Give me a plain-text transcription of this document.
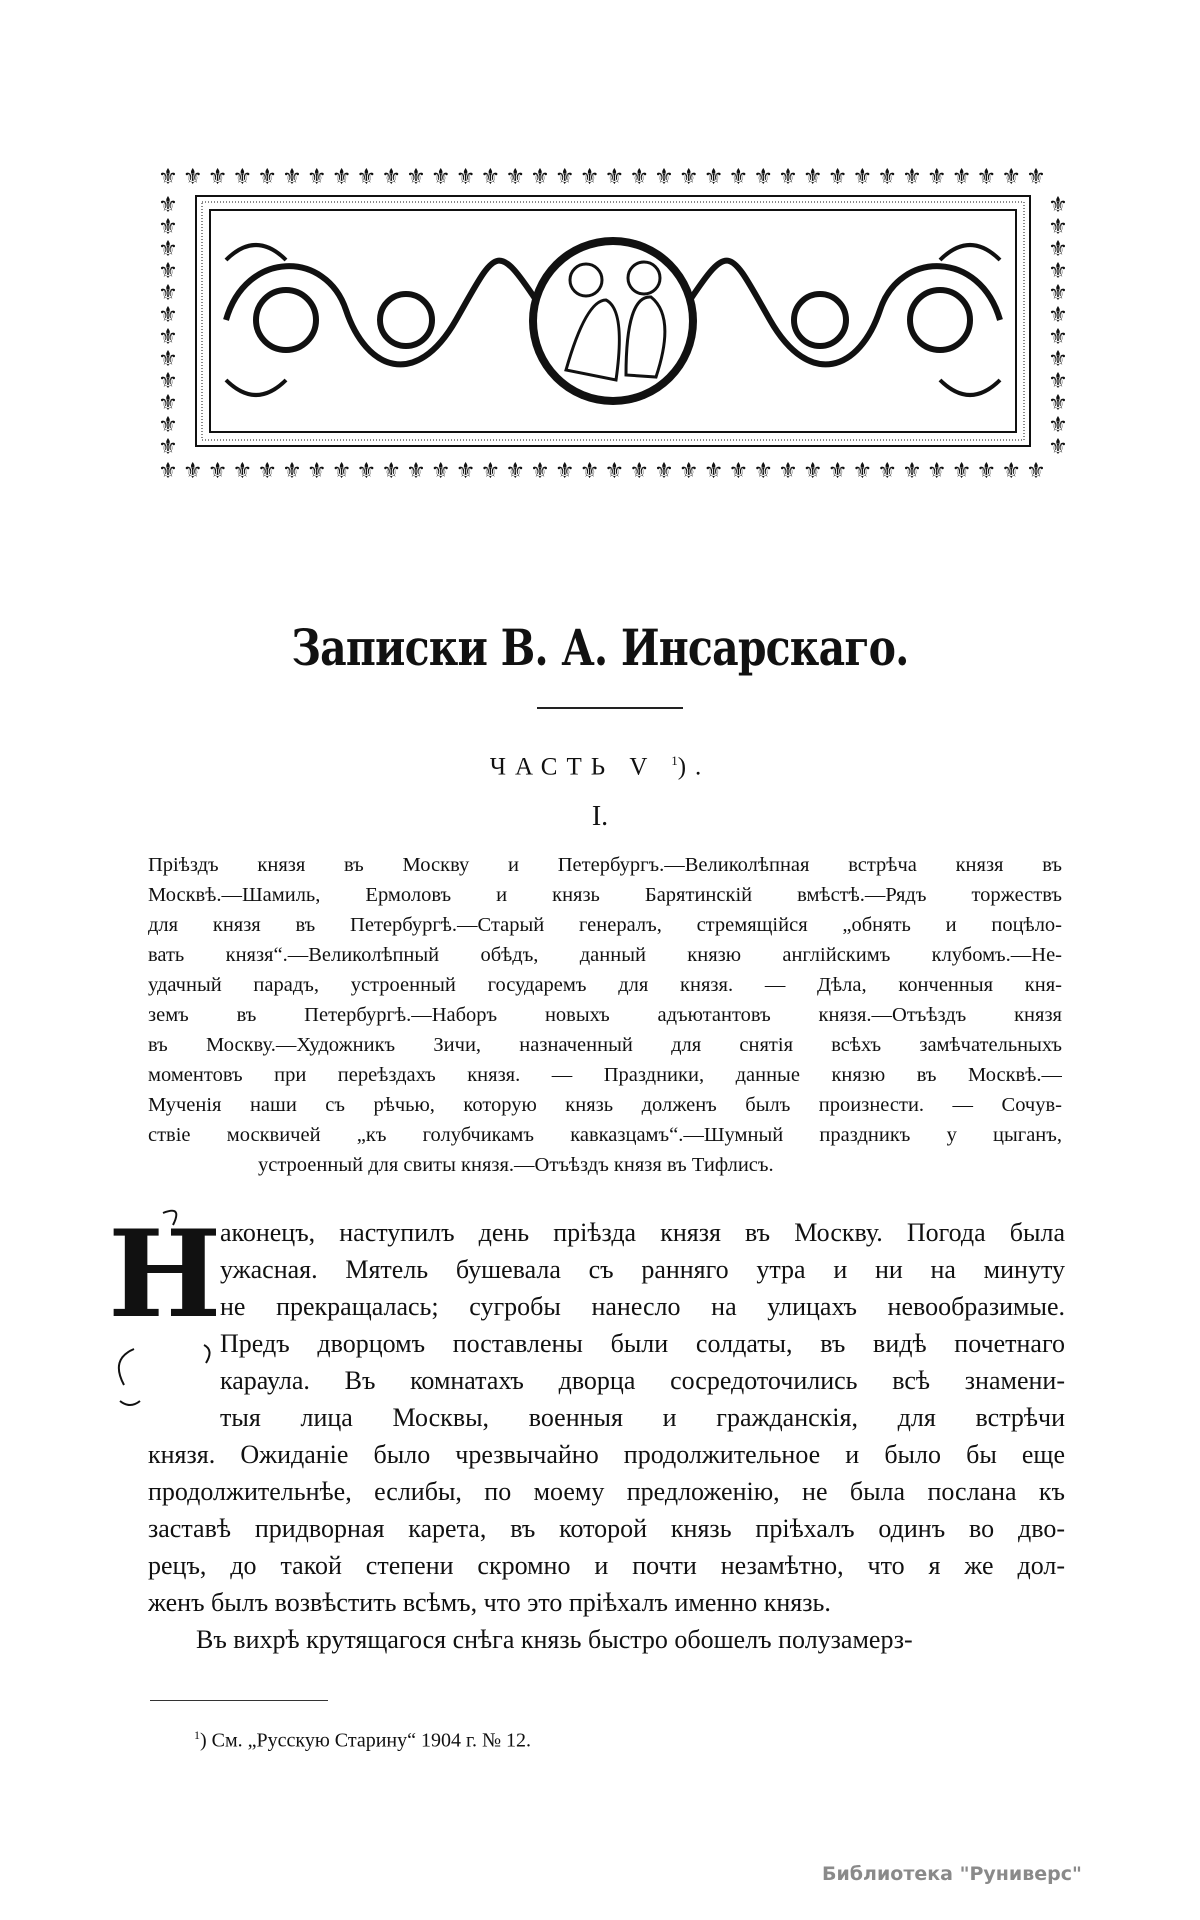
⚜
⚜
⚜
⚜
⚜
⚜
⚜
⚜
⚜
⚜
⚜
⚜
⚜
⚜
⚜
⚜
⚜
⚜
⚜
⚜
⚜
⚜
⚜
⚜
⚜
⚜
⚜
⚜
⚜
⚜
⚜
⚜
⚜
⚜
⚜
⚜
⚜
⚜
⚜
⚜
⚜
⚜
⚜
⚜
⚜
⚜
⚜
⚜
⚜
⚜
⚜
⚜
⚜
⚜
⚜
⚜
⚜
⚜
⚜
⚜
⚜
⚜
⚜
⚜
⚜
⚜
⚜
⚜
⚜
⚜
⚜
⚜
⚜	⚜
⚜	⚜
⚜	⚜
⚜	⚜
⚜	⚜
⚜	⚜
⚜	⚜
⚜	⚜
⚜	⚜
⚜	⚜
⚜	⚜
⚜	⚜
Записки В. А. Инсарскаго.
ЧАСТЬ V $^1$).
I.
Пріѣздъ князя въ Москву и Петербургъ.—Великолѣпная встрѣча князя въ
Москвѣ.—Шамиль, Ермоловъ и князь Барятинскій вмѣстѣ.—Рядъ торжествъ
для князя въ Петербургѣ.—Старый генералъ, стремящійся „обнять и поцѣло-
вать князя“.—Великолѣпный обѣдъ, данный князю англійскимъ клубомъ.—Не-
удачный парадъ, устроенный государемъ для князя. — Дѣла, конченныя кня-
земъ въ Петербургѣ.—Наборъ новыхъ адъютантовъ князя.—Отъѣздъ князя
въ Москву.—Художникъ Зичи, назначенный для снятія всѣхъ замѣчательныхъ
моментовъ при переѣздахъ князя. — Праздники, данные князю въ Москвѣ.—
Мученія наши съ рѣчью, которую князь долженъ былъ произнести. — Сочув-
ствіе москвичей „къ голубчикамъ кавказцамъ“.—Шумный праздникъ у цыганъ,
устроенный для свиты князя.—Отъѣздъ князя въ Тифлисъ.
Н
аконецъ, наступилъ день пріѣзда князя въ Москву. Погода была
ужасная. Мятель бушевала съ ранняго утра и ни на минуту
не прекращалась; сугробы нанесло на улицахъ невообразимые.
Предъ дворцомъ поставлены были солдаты, въ видѣ почетнаго
караула. Въ комнатахъ дворца сосредоточились всѣ знамени-
тыя лица Москвы, военныя и гражданскія, для встрѣчи
князя. Ожиданіе было чрезвычайно продолжительное и было бы еще
продолжительнѣе, еслибы, по моему предложенію, не была послана къ
заставѣ придворная карета, въ которой князь пріѣхалъ одинъ во дво-
рецъ, до такой степени скромно и почти незамѣтно, что я же дол-
женъ былъ возвѣстить всѣмъ, что это пріѣхалъ именно князь.
Въ вихрѣ крутящагося снѣга князь быстро обошелъ полузамерз-
$^1$) См. „Русскую Старину“ 1904 г. № 12.
Библиотека "Руниверс"
